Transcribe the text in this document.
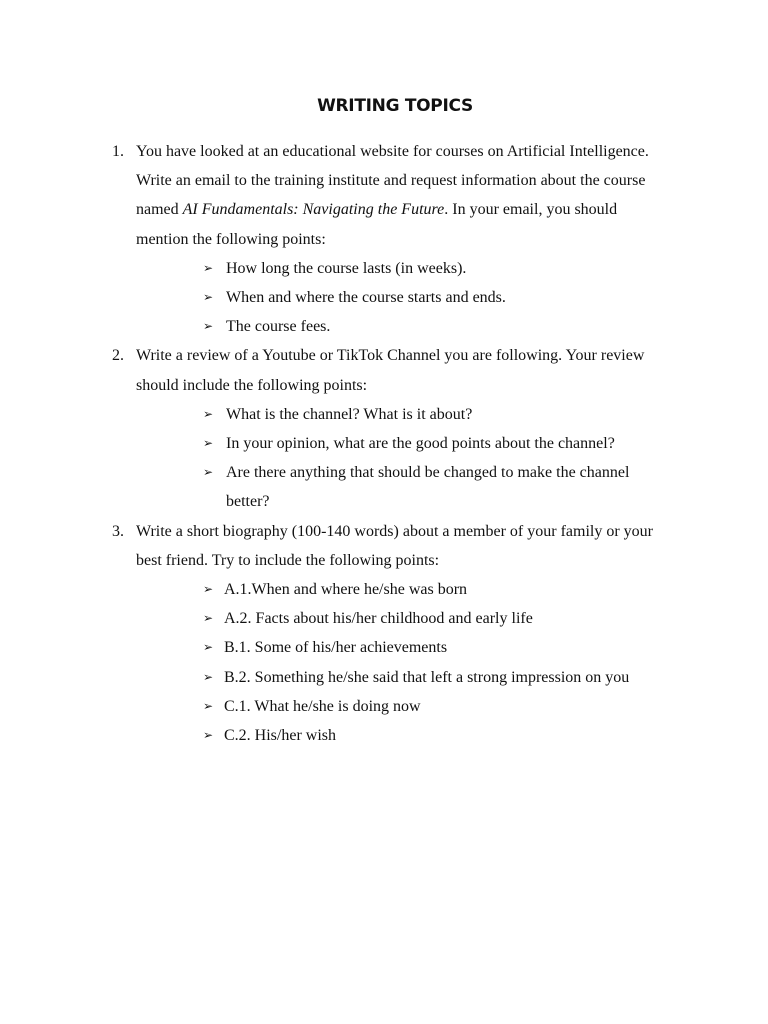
WRITING TOPICS
1. You have looked at an educational website for courses on Artificial Intelligence. Write an email to the training institute and request information about the course named AI Fundamentals: Navigating the Future. In your email, you should mention the following points:
➢ How long the course lasts (in weeks).
➢ When and where the course starts and ends.
➢ The course fees.
2. Write a review of a Youtube or TikTok Channel you are following. Your review should include the following points:
➢ What is the channel? What is it about?
➢ In your opinion, what are the good points about the channel?
➢ Are there anything that should be changed to make the channel better?
3. Write a short biography (100-140 words) about a member of your family or your best friend. Try to include the following points:
➢ A.1.When and where he/she was born
➢ A.2. Facts about his/her childhood and early life
➢ B.1. Some of his/her achievements
➢ B.2. Something he/she said that left a strong impression on you
➢ C.1. What he/she is doing now
➢ C.2. His/her wish
